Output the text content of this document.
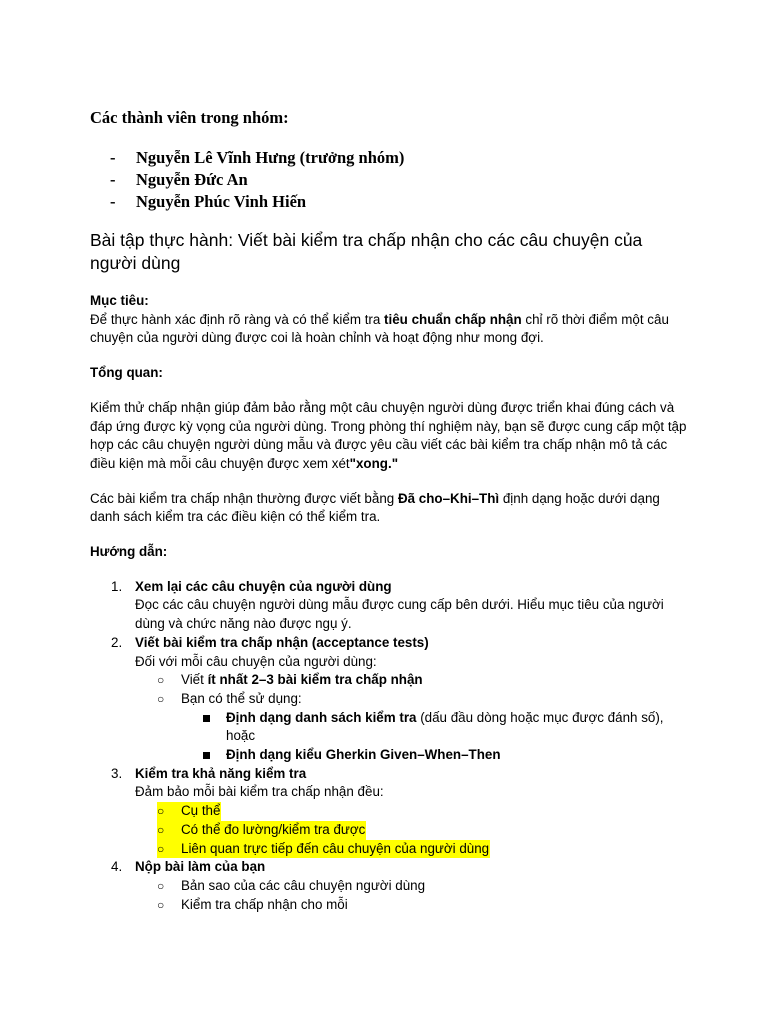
Các thành viên trong nhóm:

- Nguyễn Lê Vĩnh Hưng (trưởng nhóm)
- Nguyễn Đức An
- Nguyễn Phúc Vinh Hiến
Bài tập thực hành: Viết bài kiểm tra chấp nhận cho các câu chuyện của người dùng

Mục tiêu:

Để thực hành xác định rõ ràng và có thể kiểm tra tiêu chuẩn chấp nhận chỉ rõ thời điểm một câu chuyện của người dùng được coi là hoàn chỉnh và hoạt động như mong đợi.

Tổng quan:

Kiểm thử chấp nhận giúp đảm bảo rằng một câu chuyện người dùng được triển khai đúng cách và đáp ứng được kỳ vọng của người dùng. Trong phòng thí nghiệm này, bạn sẽ được cung cấp một tập hợp các câu chuyện người dùng mẫu và được yêu cầu viết các bài kiểm tra chấp nhận mô tả các điều kiện mà mỗi câu chuyện được xem xét"xong."

Các bài kiểm tra chấp nhận thường được viết bằng Đã cho–Khi–Thì định dạng hoặc dưới dạng danh sách kiểm tra các điều kiện có thể kiểm tra.

Hướng dẫn:

1. Xem lại các câu chuyện của người dùng
Đọc các câu chuyện người dùng mẫu được cung cấp bên dưới. Hiểu mục tiêu của người dùng và chức năng nào được ngụ ý.
2. Viết bài kiểm tra chấp nhận (acceptance tests)
Đối với mỗi câu chuyện của người dùng:
○ Viết ít nhất 2–3 bài kiểm tra chấp nhận
○ Bạn có thể sử dụng:
Định dạng danh sách kiểm tra (dấu đầu dòng hoặc mục được đánh số), hoặc
Định dạng kiểu Gherkin Given–When–Then
3. Kiểm tra khả năng kiểm tra
Đảm bảo mỗi bài kiểm tra chấp nhận đều:
○ Cụ thể
○ Có thể đo lường/kiểm tra được
○ Liên quan trực tiếp đến câu chuyện của người dùng
4. Nộp bài làm của bạn
○ Bản sao của các câu chuyện người dùng
○ Kiểm tra chấp nhận cho mỗi
